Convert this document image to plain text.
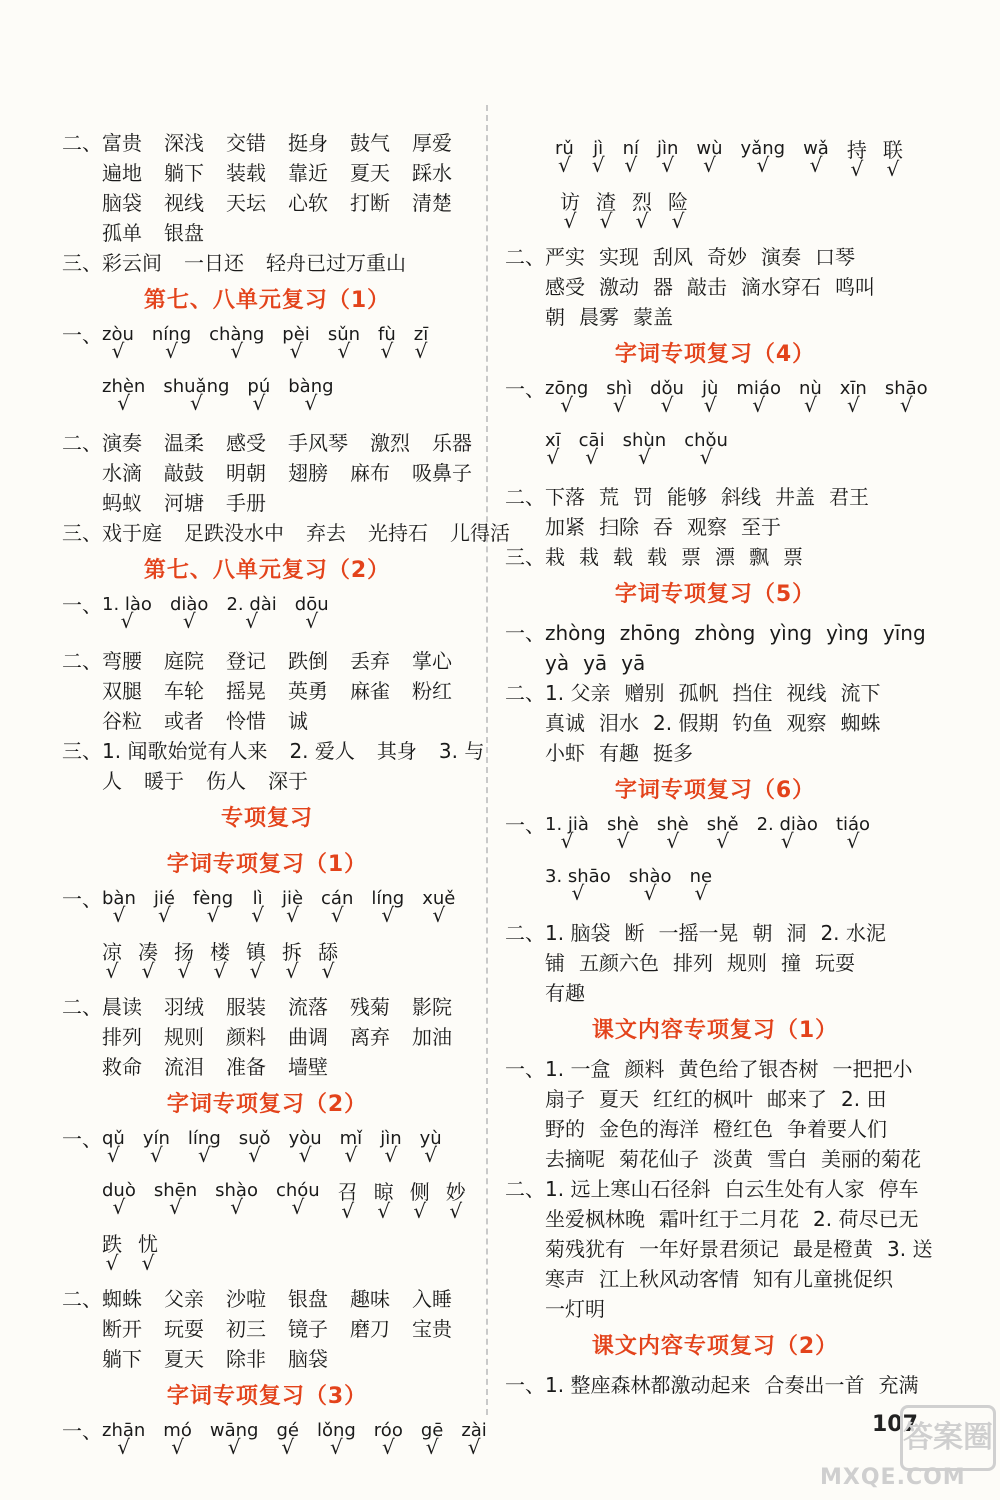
二、富贵 深浅 交错 挺身 鼓气 厚爱
遍地 躺下 装载 靠近 夏天 踩水
脑袋 视线 天坛 心软 打断 清楚
孤单 银盘
三、彩云间 一日还 轻舟已过万重山
第七、八单元复习（1）
一、zòu
√
níng
√
chàng
√
pèi
√
sǔn
√
fù
√
zī
√
zhèn
√
shuǎng
√
pú
√
bàng
√
二、演奏 温柔 感受 手风琴 激烈 乐器
水滴 敲鼓 明朝 翅膀 麻布 吸鼻子
蚂蚁 河塘 手册
三、戏于庭 足跌没水中 弃去 光持石 儿得活
第七、八单元复习（2）
一、1. lào
√
diào
√
2. dài
√
dōu
√
二、弯腰 庭院 登记 跌倒 丢弃 掌心
双腿 车轮 摇晃 英勇 麻雀 粉红
谷粒 或者 怜惜 诚
三、1. 闻歌始觉有人来 2. 爱人 其身 3. 与
人 暖于 伤人 深于
专项复习
字词专项复习（1）
一、bàn
√
jié
√
fèng
√
lì
√
jiè
√
cán
√
líng
√
xuě
√
凉
√
凑
√
扬
√
楼
√
镇
√
拆
√
舔
√
二、晨读 羽绒 服装 流落 残菊 影院
排列 规则 颜料 曲调 离弃 加油
救命 流泪 准备 墙壁
字词专项复习（2）
一、qǔ
√
yín
√
líng
√
suǒ
√
yòu
√
mǐ
√
jìn
√
yù
√
duò
√
shēn
√
shào
√
chóu
√
召
√
晾
√
侧
√
妙
√
跌
√
忧
√
二、蜘蛛 父亲 沙啦 银盘 趣味 入睡
断开 玩耍 初三 镜子 磨刀 宝贵
躺下 夏天 除非 脑袋
字词专项复习（3）
一、zhān
√
mó
√
wāng
√
gé
√
lǒng
√
róo
√
gē
√
zài
√
rǔ
√
jì
√
ní
√
jìn
√
wù
√
yǎng
√
wǎ
√
持
√
联
√
访
√
渣
√
烈
√
险
√
二、严实 实现 刮风 奇妙 演奏 口琴
感受 激动 器 敲击 滴水穿石 鸣叫
朝 晨雾 蒙盖
字词专项复习（4）
一、zōng
√
shì
√
dǒu
√
jù
√
miáo
√
nù
√
xīn
√
shāo
√
xī
√
cāi
√
shùn
√
chǒu
√
二、下落 荒 罚 能够 斜线 井盖 君王
加紧 扫除 吞 观察 至于
三、栽 栽 载 载 票 漂 飘 票
字词专项复习（5）
一、zhòng zhōng zhòng yìng yìng yīng
yà yā yā
二、1. 父亲 赠别 孤帆 挡住 视线 流下
真诚 泪水 2. 假期 钓鱼 观察 蜘蛛
小虾 有趣 挺多
字词专项复习（6）
一、1. jià
√
shè
√
shè
√
shě
√
2. diào
√
tiáo
√
3. shāo
√
shào
√
ne
√
二、1. 脑袋 断 一摇一晃 朝 洞 2. 水泥
铺 五颜六色 排列 规则 撞 玩耍
有趣
课文内容专项复习（1）
一、1. 一盒 颜料 黄色给了银杏树 一把把小
扇子 夏天 红红的枫叶 邮来了 2. 田
野的 金色的海洋 橙红色 争着要人们
去摘呢 菊花仙子 淡黄 雪白 美丽的菊花
二、1. 远上寒山石径斜 白云生处有人家 停车
坐爱枫林晚 霜叶红于二月花 2. 荷尽已无
菊残犹有 一年好景君须记 最是橙黄 3. 送
寒声 江上秋风动客情 知有儿童挑促织
一灯明
课文内容专项复习（2）
一、1. 整座森林都激动起来 合奏出一首 充满
107
答案圈
MXQE.COM
